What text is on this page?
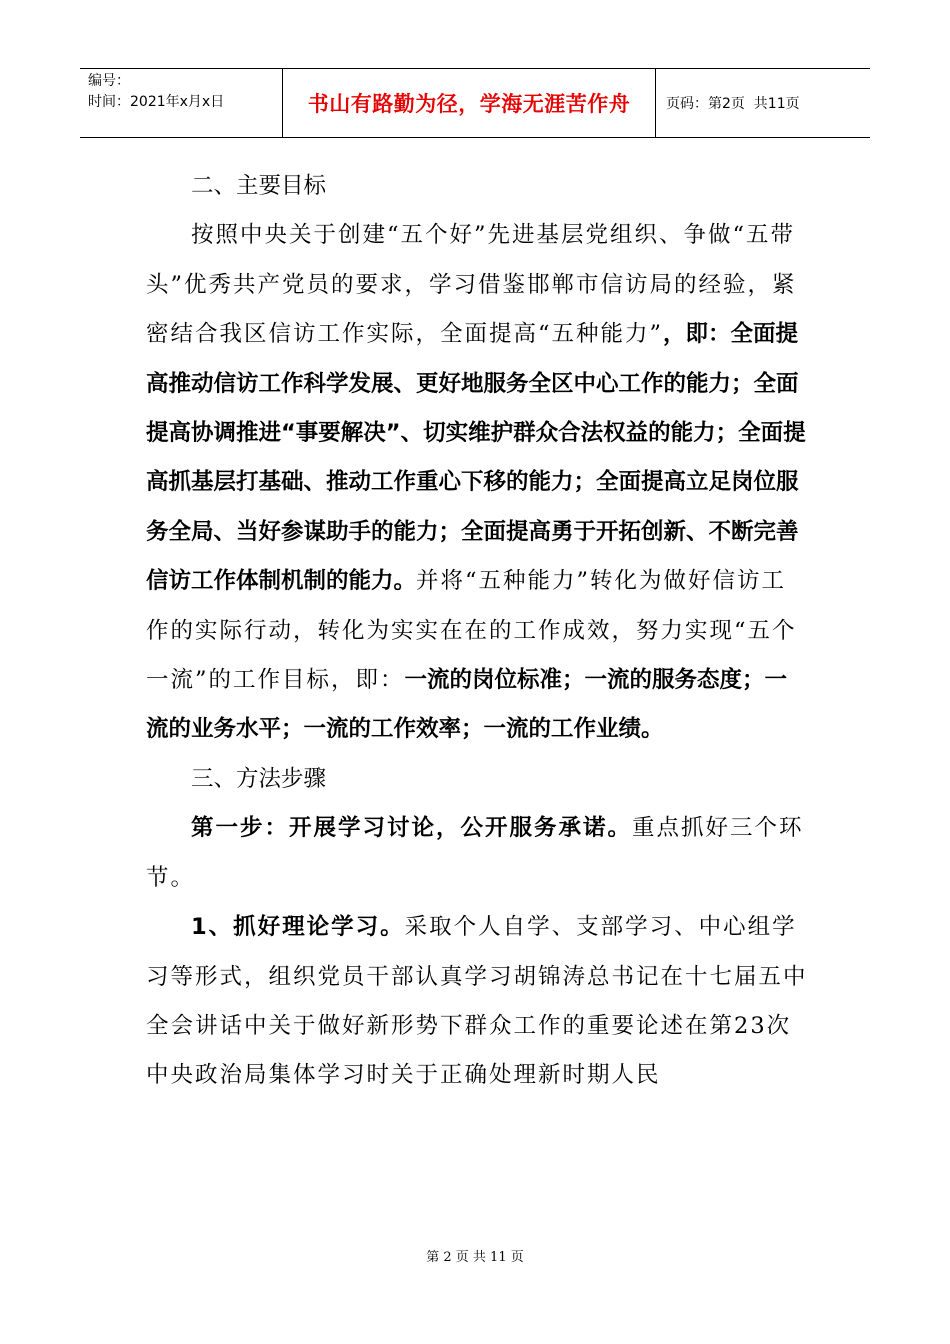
编号：
时间：2021年x月x日	书山有路勤为径，学海无涯苦作舟	页码：第2页  共11页

二、主要目标

按照中央关于创建“五个好”先进基层党组织、争做“五带头”优秀共产党员的要求，学习借鉴邯郸市信访局的经验，紧密结合我区信访工作实际，全面提高“五种能力”，即：全面提高推动信访工作科学发展、更好地服务全区中心工作的能力；全面提高协调推进“事要解决”、切实维护群众合法权益的能力；全面提高抓基层打基础、推动工作重心下移的能力；全面提高立足岗位服务全局、当好参谋助手的能力；全面提高勇于开拓创新、不断完善信访工作体制机制的能力。并将“五种能力”转化为做好信访工作的实际行动，转化为实实在在的工作成效，努力实现“五个一流”的工作目标，即：一流的岗位标准；一流的服务态度；一流的业务水平；一流的工作效率；一流的工作业绩。

三、方法步骤

第一步：开展学习讨论，公开服务承诺。重点抓好三个环节。

1、抓好理论学习。采取个人自学、支部学习、中心组学习等形式，组织党员干部认真学习胡锦涛总书记在十七届五中全会讲话中关于做好新形势下群众工作的重要论述在第23次中央政治局集体学习时关于正确处理新时期人民

第 2 页 共 11 页
